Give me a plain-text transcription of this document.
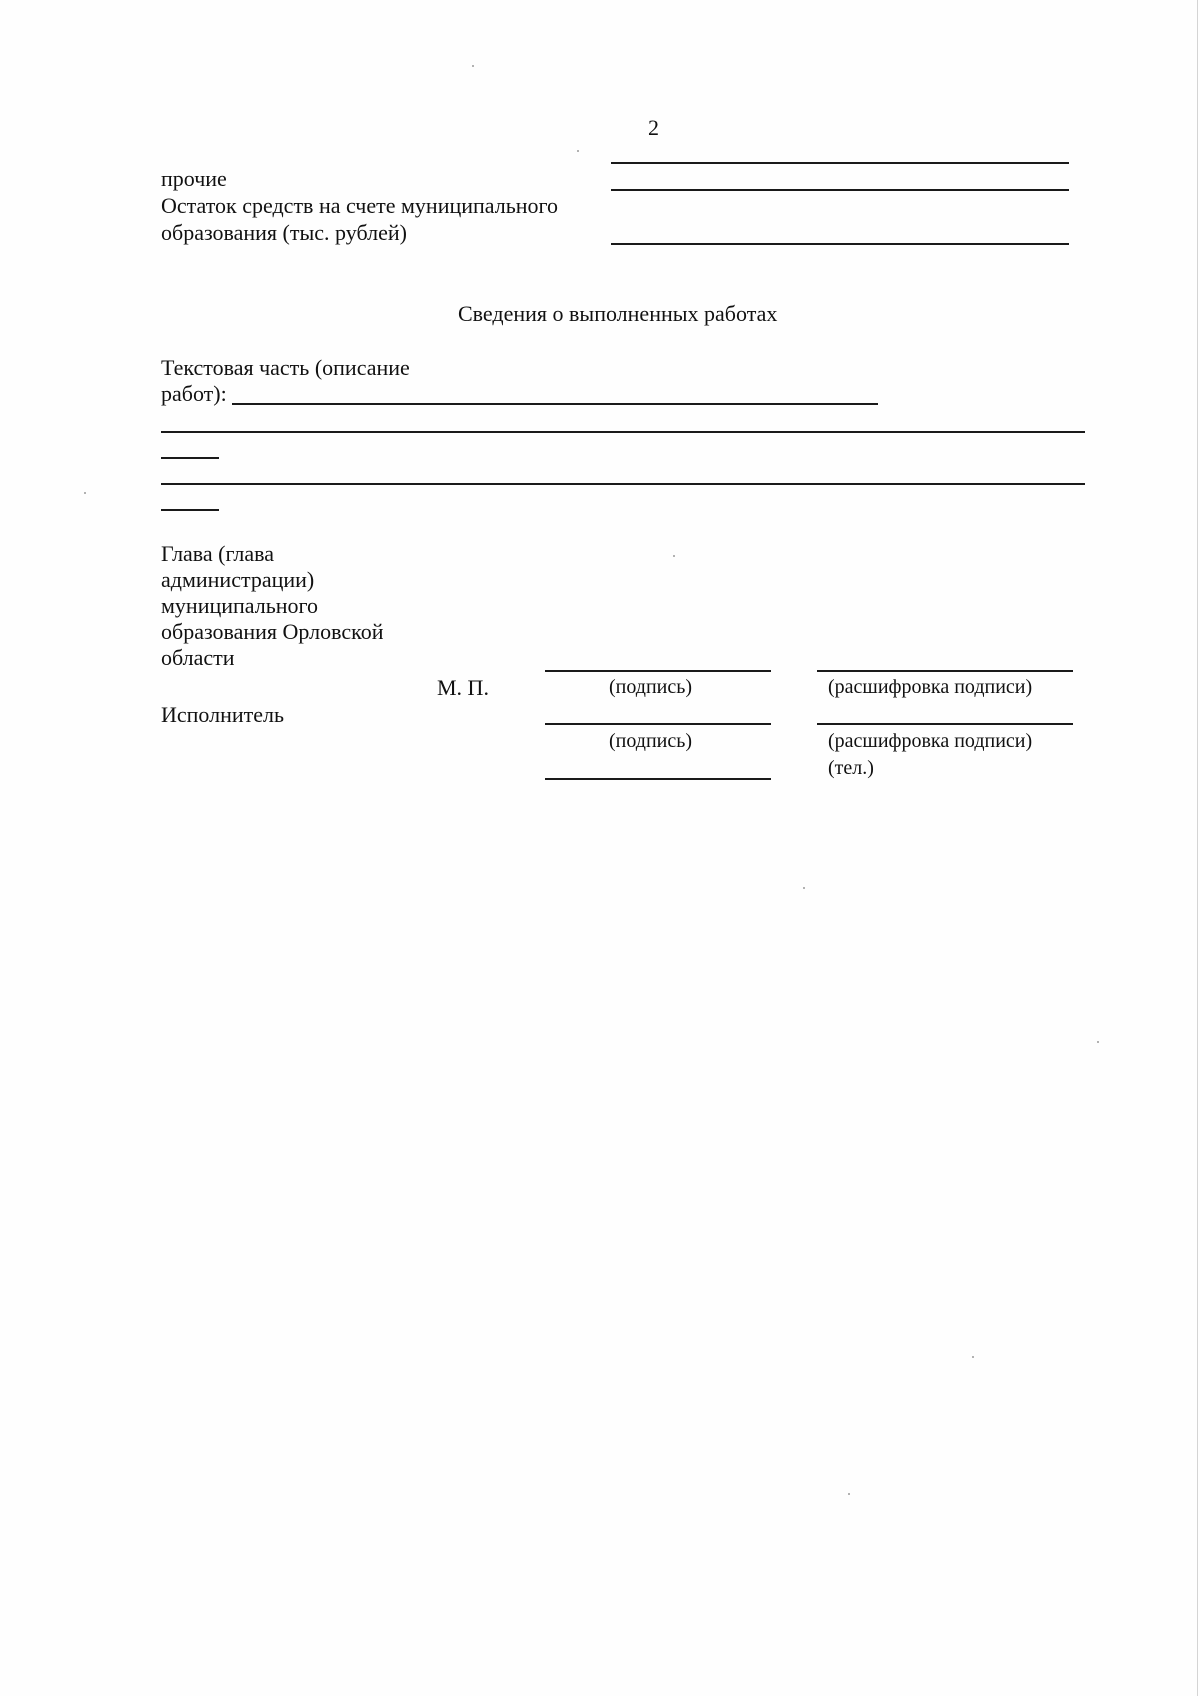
2
прочие
Остаток средств на счете муниципального
образования (тыс. рублей)
Сведения о выполненных работах
Текстовая часть (описание
работ):
Глава (глава
администрации)
муниципального
образования Орловской
области
М. П.	(подпись)	(расшифровка подписи)
Исполнитель
(подпись)	(расшифровка подписи)
(тел.)
